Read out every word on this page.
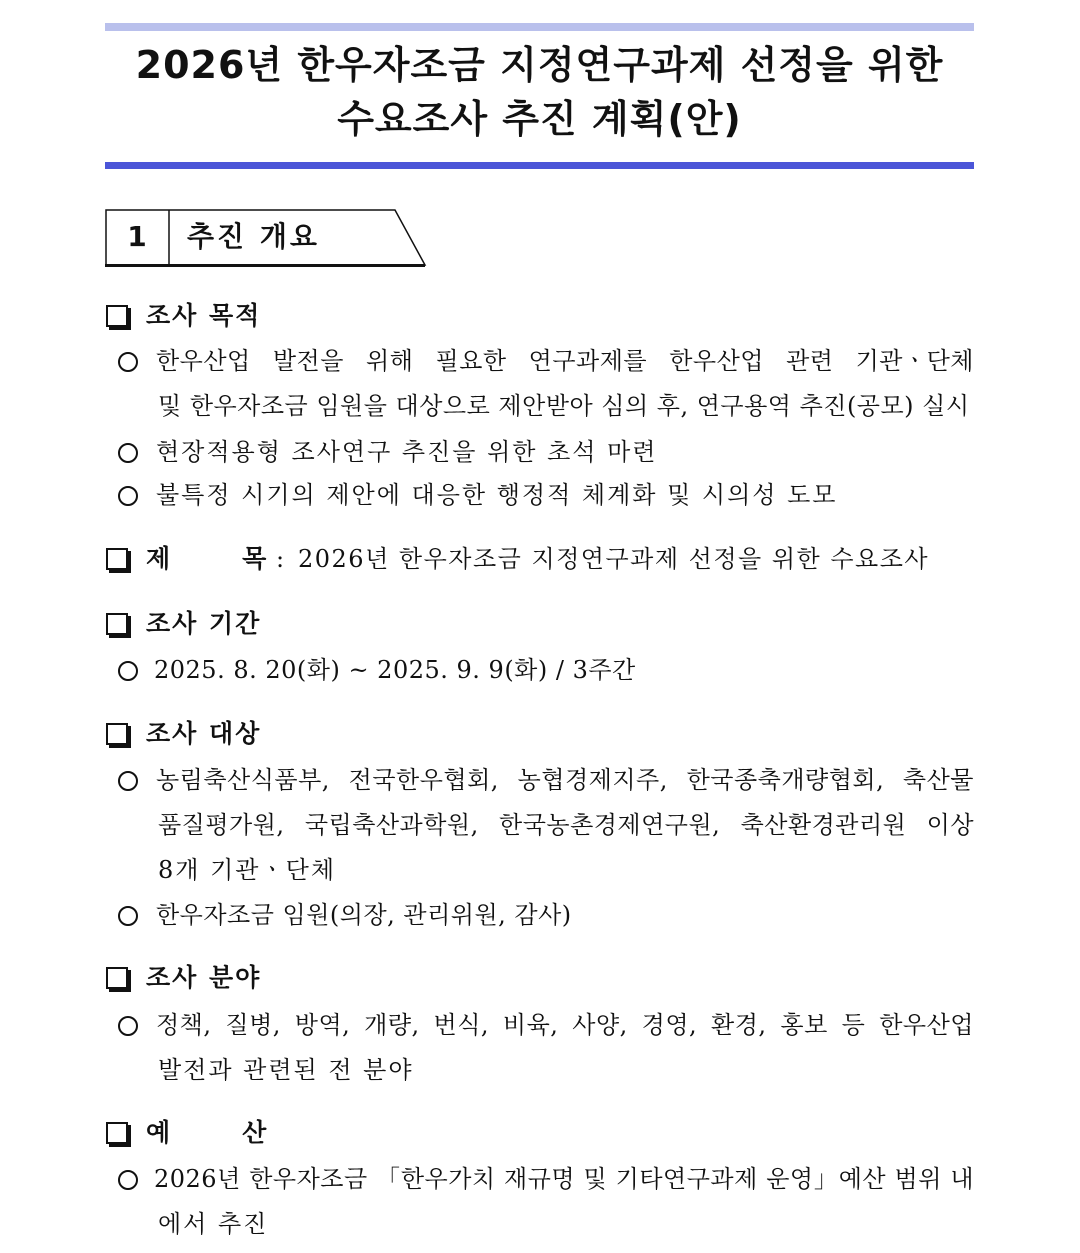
2026년 한우자조금 지정연구과제 선정을 위한
수요조사 추진 계획(안)
1	추진 개요
조사 목적
한우산업 발전을 위해 필요한 연구과제를 한우산업 관련 기관ㆍ단체
및 한우자조금 임원을 대상으로 제안받아 심의 후, 연구용역 추진(공모) 실시
현장적용형 조사연구 추진을 위한 초석 마련
불특정 시기의 제안에 대응한 행정적 체계화 및 시의성 도모
제	목 : 2026년 한우자조금 지정연구과제 선정을 위한 수요조사
조사 기간
2025. 8. 20(화) ~ 2025. 9. 9(화) / 3주간
조사 대상
농림축산식품부, 전국한우협회, 농협경제지주, 한국종축개량협회, 축산물
품질평가원, 국립축산과학원, 한국농촌경제연구원, 축산환경관리원 이상
8개 기관ㆍ단체
한우자조금 임원(의장, 관리위원, 감사)
조사 분야
정책, 질병, 방역, 개량, 번식, 비육, 사양, 경영, 환경, 홍보 등 한우산업
발전과 관련된 전 분야
예	산
2026년 한우자조금 「한우가치 재규명 및 기타연구과제 운영」예산 범위 내
에서 추진
